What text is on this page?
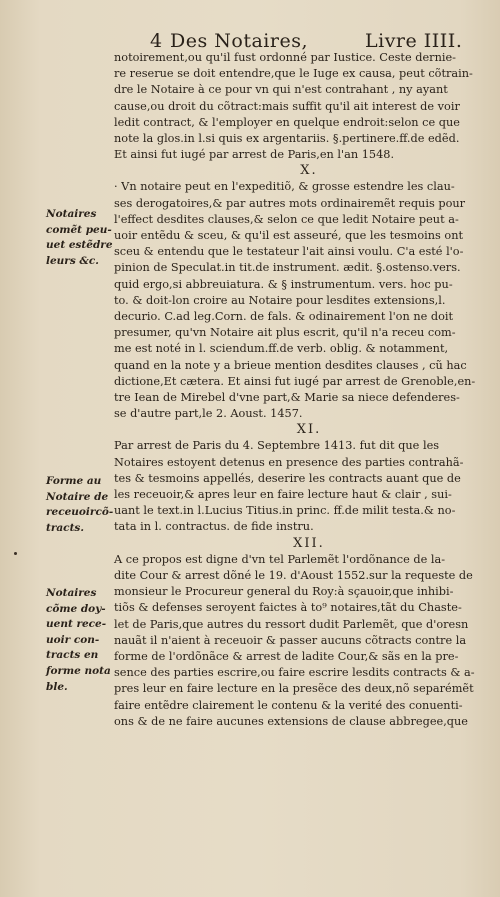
4 Des Notaires,	Livre IIII.
notoirement,ou qu'il fust ordonné par Iustice. Ceste dernie-
re reserue se doit entendre,que le Iuge ex causa, peut cõtrain-
dre le Notaire à ce pour vn qui n'est contrahant , ny ayant
cause,ou droit du cõtract:mais suffit qu'il ait interest de voir
ledit contract, & l'employer en quelque endroit:selon ce que
note la glos.in l.si quis ex argentariis. §.pertinere.ff.de edẽd.
Et ainsi fut iugé par arrest de Paris,en l'an 1548.
X.
· Vn notaire peut en l'expeditiõ, & grosse estendre les clau-
ses derogatoires,& par autres mots ordinairemẽt requis pour
l'effect desdites clauses,& selon ce que ledit Notaire peut a-
uoir entẽdu & sceu, & qu'il est asseuré, que les tesmoins ont
sceu & entendu que le testateur l'ait ainsi voulu. C'a esté l'o-
pinion de Speculat.in tit.de instrument. ædit. §.ostenso.vers.
quid ergo,si abbreuiatura. & § instrumentum. vers. hoc pu-
to. & doit-lon croire au Notaire pour lesdites extensions,l.
decurio. C.ad leg.Corn. de fals. & odinairement l'on ne doit
presumer, qu'vn Notaire ait plus escrit, qu'il n'a receu com-
me est noté in l. sciendum.ff.de verb. oblig. & notamment,
quand en la note y a brieue mention desdites clauses , cũ hac
dictione,Et cætera. Et ainsi fut iugé par arrest de Grenoble,en-
tre Iean de Mirebel d'vne part,& Marie sa niece defenderes-
se d'autre part,le 2. Aoust. 1457.
XI.
Par arrest de Paris du 4. Septembre 1413. fut dit que les
Notaires estoyent detenus en presence des parties contrahã-
tes & tesmoins appellés, deserire les contracts auant que de
les receuoir,& apres leur en faire lecture haut & clair , sui-
uant le text.in l.Lucius Titius.in princ. ff.de milit testa.& no-
tata in l. contractus. de fide instru.
XII.
A ce propos est digne d'vn tel Parlemẽt l'ordõnance de la-
dite Cour & arrest dõné le 19. d'Aoust 1552.sur la requeste de
monsieur le Procureur general du Roy:à sçauoir,que inhibi-
tiõs & defenses seroyent faictes à to⁹ notaires,tãt du Chaste-
let de Paris,que autres du ressort dudit Parlemẽt, que d'oresn
nauãt il n'aient à receuoir & passer aucuns cõtracts contre la
forme de l'ordõnãce & arrest de ladite Cour,& sãs en la pre-
sence des parties escrire,ou faire escrire lesdits contracts & a-
pres leur en faire lecture en la presẽce des deux,nõ separémẽt
faire entẽdre clairement le contenu & la verité des conuenti-
ons & de ne faire aucunes extensions de clause abbregee,que
Notaires
comẽt peu-
uet estẽdre
leurs &c.
Forme au
Notaire de
receuoircõ-
tracts.
Notaires
cõme doy-
uent rece-
uoir con-
tracts en
forme nota
ble.
